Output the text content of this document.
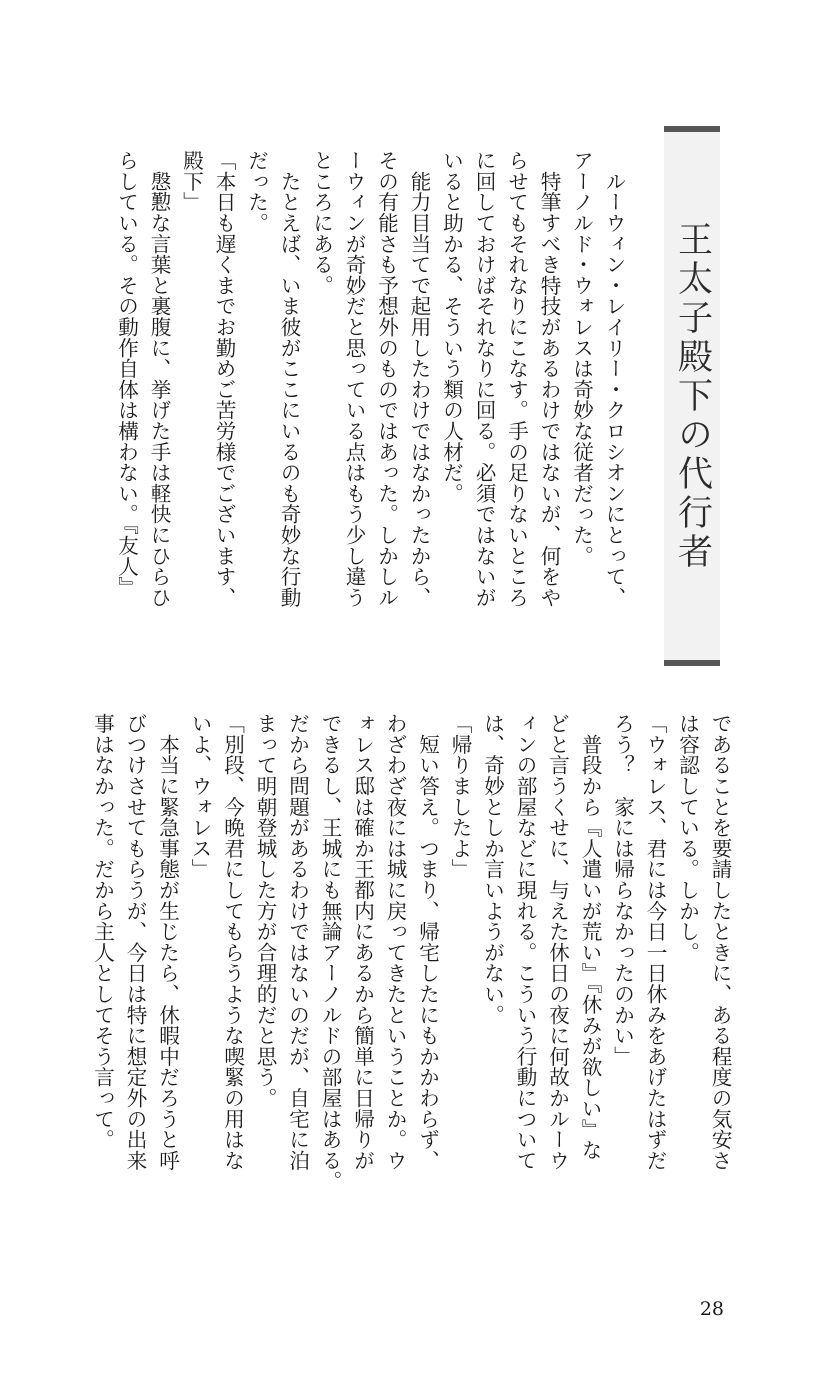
王太子殿下の代行者
　ルーウィン・レイリー・クロシオンにとって、
アーノルド・ウォレスは奇妙な従者だった。
　特筆すべき特技があるわけではないが、何をや
らせてもそれなりにこなす。手の足りないところ
に回しておけばそれなりに回る。必須ではないが
いると助かる、そういう類の人材だ。
　能力目当てで起用したわけではなかったから、
その有能さも予想外のものではあった。しかしル
ーウィンが奇妙だと思っている点はもう少し違う
ところにある。
　たとえば、いま彼がここにいるのも奇妙な行動
だった。
「本日も遅くまでお勤めご苦労様でございます、
殿下」
　慇懃な言葉と裏腹に、挙げた手は軽快にひらひ
らしている。その動作自体は構わない。『友人』
であることを要請したときに、ある程度の気安さ
は容認している。しかし。
「ウォレス、君には今日一日休みをあげたはずだ
ろう？　家には帰らなかったのかい」
　普段から『人遣いが荒い』『休みが欲しい』な
どと言うくせに、与えた休日の夜に何故かルーウ
ィンの部屋などに現れる。こういう行動について
は、奇妙としか言いようがない。
「帰りましたよ」
　短い答え。つまり、帰宅したにもかかわらず、
わざわざ夜には城に戻ってきたということか。ウ
ォレス邸は確か王都内にあるから簡単に日帰りが
できるし、王城にも無論アーノルドの部屋はある。
だから問題があるわけではないのだが、自宅に泊
まって明朝登城した方が合理的だと思う。
「別段、今晩君にしてもらうような喫緊の用はな
いよ、ウォレス」
　本当に緊急事態が生じたら、休暇中だろうと呼
びつけさせてもらうが、今日は特に想定外の出来
事はなかった。だから主人としてそう言って。
28
